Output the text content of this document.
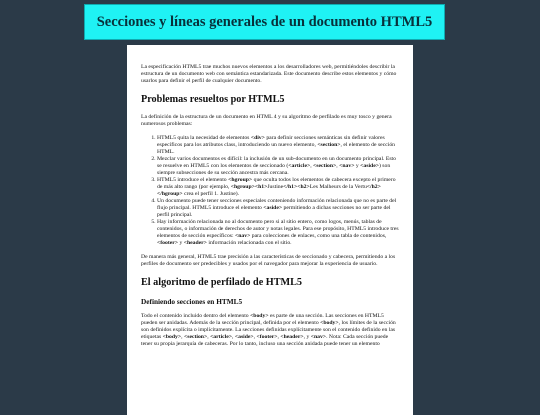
Secciones y líneas generales de un documento HTML5

La especificación HTML5 trae muchos nuevos elementos a los desarrolladores web, permitiéndoles describir la estructura de un documento web con semántica estandarizada. Este documento describe estos elementos y cómo usarlos para definir el perfil de cualquier documento.

Problemas resueltos por HTML5

La definición de la estructura de un documento en HTML 4 y su algoritmo de perfilado es muy tosco y genera numerosos problemas:

1. HTML5 quita la necesidad de elementos <div> para definir secciones semánticas sin definir valores específicos para los atributos class, introduciendo un nuevo elemento, <section>, el elemento de sección HTML.
2. Mezclar varios documentos es difícil: la inclusión de un sub-documento en un documento principal. Esto se resuelve en HTML5 con los elementos de seccionado (<article>, <section>, <nav> y <aside>) son siempre subsecciones de su sección ancestra más cercana.
3. HTML5 introduce el elemento <hgroup> que oculta todos los elementos de cabecera excepto el primero de más alto rango (por ejemplo, <hgroup><h1>Justine</h1><h2>Les Malheurs de la Vertu</h2></hgroup> crea el perfil 1. Justine).
4. Un documento puede tener secciones especiales conteniendo información relacionada que no es parte del flujo principal. HTML5 introduce el elemento <aside> permitiendo a dichas secciones no ser parte del perfil principal.
5. Hay información relacionada no al documento pero si al sitio entero, como logos, menús, tablas de contenidos, o información de derechos de autor y notas legales. Para ese propósito, HTML5 introduce tres elementos de sección específicos: <nav> para colecciones de enlaces, como una tabla de contenidos, <footer> y <header> información relacionada con el sitio.

De manera más general, HTML5 trae precisión a las características de seccionado y cabecera, permitiendo a los perfiles de documento ser predecibles y usados por el navegador para mejorar la experiencia de usuario.

El algoritmo de perfilado de HTML5
Definiendo secciones en HTML5

Todo el contenido incluido dentro del elemento <body> es parte de una sección. Las secciones en HTML5 pueden ser anidadas. Además de la sección principal, definida por el elemento <body>, los límites de la sección son definidos explícita o implícitamente. La secciones definidas explícitamente son el contenido definido en las etiquetas <body>, <section>, <article>, <aside>, <footer>, <header>, y <nav>. Nota: Cada sección puede tener su propia jerarquía de cabeceras. Por lo tanto, incluso una sección anidada puede tener un elemento
